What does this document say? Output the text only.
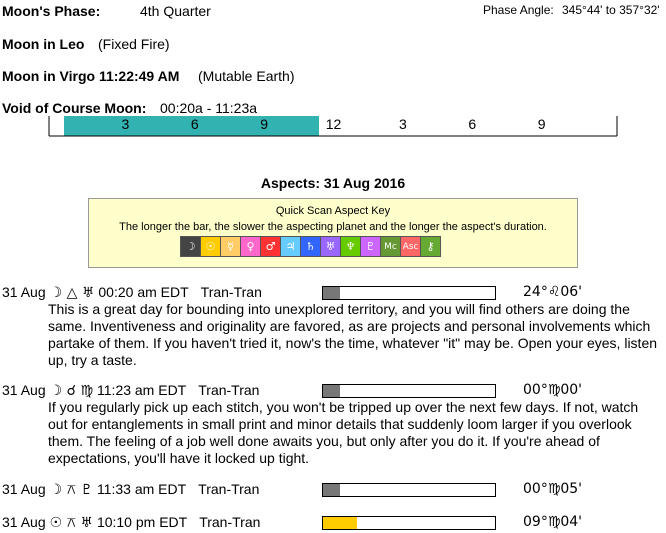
Moon's Phase:	4th Quarter	Phase Angle: 345°44' to 357°32'
Moon in Leo (Fixed Fire)
Moon in Virgo 11:22:49 AM (Mutable Earth)
Void of Course Moon: 00:20a - 11:23a
3	6	9	12	3	6	9
Aspects: 31 Aug 2016
Quick Scan Aspect Key
The longer the bar, the slower the aspecting planet and the longer the aspect's duration.
☽ ☉	☿	♀	♂ ♃ ♄ ♅ ♆ ♇ Mc Asc ⚷
31 Aug ☽ △ ♅ 00:20 am EDT Tran-Tran	24°♌06'
This is a great day for bounding into unexplored territory, and you will find others are doing the same. Inventiveness and originality are favored, as are projects and personal involvements which partake of them. If you haven't tried it, now's the time, whatever "it" may be. Open your eyes, listen up, try a taste.
31 Aug ☽ ☌ ♍ 11:23 am EDT Tran-Tran	00°♍00'
If you regularly pick up each stitch, you won't be tripped up over the next few days. If not, watch out for entanglements in small print and minor details that suddenly loom larger if you overlook them. The feeling of a job well done awaits you, but only after you do it. If you're ahead of expectations, you'll have it locked up tight.
31 Aug ☽ ⚻ ♇ 11:33 am EDT Tran-Tran	00°♍05'
31 Aug ☉ ⚻ ♅ 10:10 pm EDT Tran-Tran	09°♍04'
